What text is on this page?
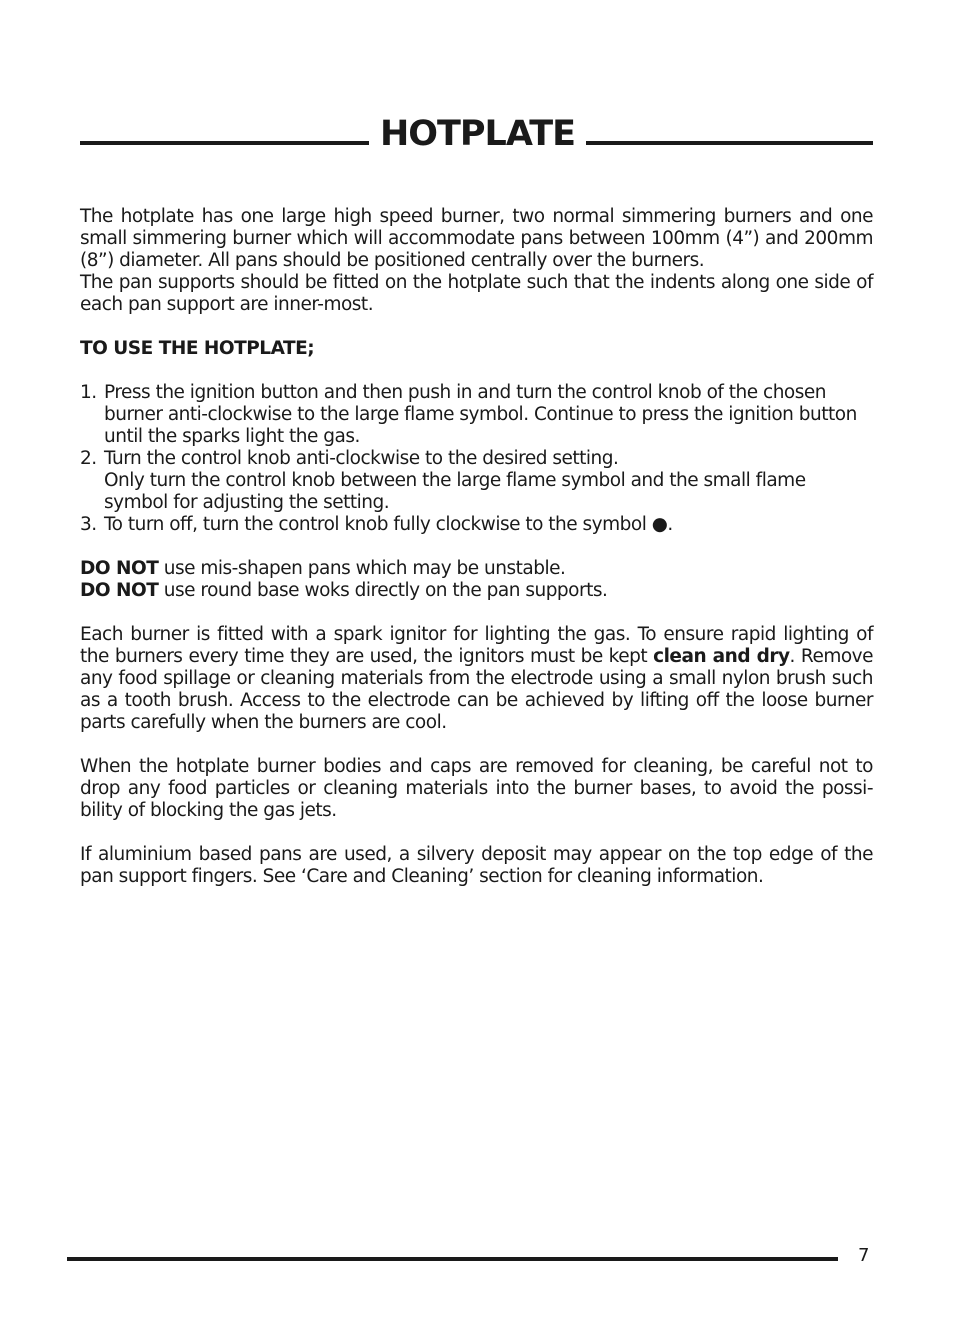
HOTPLATE

The hotplate has one large high speed burner, two normal simmering burners and one small simmering burner which will accommodate pans between 100mm (4”) and 200mm (8”) diameter. All pans should be positioned centrally over the burners.

The pan supports should be fitted on the hotplate such that the indents along one side of each pan support are inner-most.

TO USE THE HOTPLATE;

1. Press the ignition button and then push in and turn the control knob of the chosen burner anti-clockwise to the large flame symbol. Continue to press the ignition button until the sparks light the gas.
2. Turn the control knob anti-clockwise to the desired setting.
Only turn the control knob between the large flame symbol and the small flame symbol for adjusting the setting.
3. To turn off, turn the control knob fully clockwise to the symbol ●.

DO NOT use mis-shapen pans which may be unstable.

DO NOT use round base woks directly on the pan supports.

Each burner is fitted with a spark ignitor for lighting the gas. To ensure rapid lighting of the burners every time they are used, the ignitors must be kept clean and dry. Remove any food spillage or cleaning materials from the electrode using a small nylon brush such as a tooth brush. Access to the electrode can be achieved by lifting off the loose burner parts carefully when the burners are cool.

When the hotplate burner bodies and caps are removed for cleaning, be careful not to drop any food particles or cleaning materials into the burner bases, to avoid the possi-bility of blocking the gas jets.

If aluminium based pans are used, a silvery deposit may appear on the top edge of the pan support fingers. See ‘Care and Cleaning’ section for cleaning information.

7
